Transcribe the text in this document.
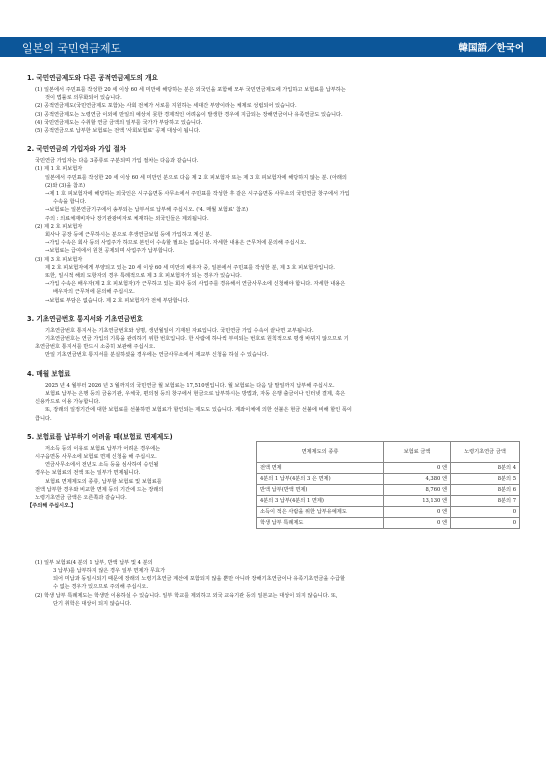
일본의 국민연금제도	韓国語／한국어
1. 국민연금제도와 다른 공적연금제도의 개요
(1) 일본에서 주민표를 작성한 20 세 이상 60 세 미만에 해당하는 분은 외국인을 포함해 모두 국민연금제도에 가입하고 보험료를 납부하는
것이 법률로 의무화되어 있습니다.
(2) 공적연금제도(국민연금제도 포함)는 사회 전체가 서로를 지원하는 세대간 부양이라는 체제로 성립되어 있습니다.
(3) 공적연금제도는 노령연금 이외에 만일의 예상치 못한 경제적인 어려움이 발생한 경우에 지급되는 장해연금이나 유족연금도 있습니다.
(4) 국민연금제도는 수취할 연금 금액의 일부를 국가가 부담하고 있습니다.
(5) 공적연금으로 납부한 보험료는 전액 '사회보험료' 공제 대상이 됩니다.
2. 국민연금의 가입자와 가입 절차
국민연금 가입자는 다음 3종류로 구분되며 가입 절차는 다음과 같습니다.
(1) 제 1 호 피보험자
일본에서 주민표를 작성한 20 세 이상 60 세 미만인 분으로 다음 제 2 호 피보험자 또는 제 3 호 피보험자에 해당하지 않는 분. (아래의
(2)와 (3)을 참조)
→제 1 호 피보험자에 해당하는 외국인은 시구읍면동 사무소에서 주민표를 작성한 후 같은 시구읍면동 사무소의 국민연금 창구에서 가입
수속을 합니다.
→보험료는 일본연금기구에서 송부되는 납부서로 납부해 주십시오. ('4. 매월 보험료' 참조)
주의 : 의료체재비자나 장기관광비자로 체재하는 외국인들은 제외됩니다.
(2) 제 2 호 피보험자
회사나 공장 등에 근무하시는 분으로 후생연금보험 등에 가입하고 계신 분.
→가입 수속은 회사 등의 사업주가 하므로 본인이 수속할 필요는 없습니다. 자세한 내용은 근무처에 문의해 주십시오.
→보험료는 급여에서 원천 공제되며 사업주가 납부합니다.
(3) 제 3 호 피보험자
제 2 호 피보험자에게 부양되고 있는 20 세 이상 60 세 미만의 배우자 중, 일본에서 주민표를 작성한 분, 제 3 호 피보험자입니다.
또한, 일시적 해외 도항자의 경우 특례적으로 제 3 호 피보험자가 되는 경우가 있습니다.
→가입 수속은 배우자(제 2 호 피보험자)가 근무하고 있는 회사 등의 사업주를 경유해서 연금사무소에 신청해야 합니다. 자세한 내용은
배우자의 근무처에 문의해 주십시오.
→보험료 부담은 없습니다. 제 2 호 피보험자가 전체 부담합니다.
3. 기초연금번호 통지서와 기초연금번호
기초연금번호 통지서는 기초연금번호와 성명, 생년월일이 기재된 자료입니다. 국민연금 가입 수속이 끝나면 교부됩니다.
기초연금번호는 연금 가입의 기록을 관리하기 위한 번호입니다. 한 사람에 하나씩 부여되는 번호로 원칙적으로 평생 바뀌지 않으므로 기
초연금번호 통지서를 반드시 소중히 보관해 주십시오.
만일 기초연금번호 통지서를 분실하셨을 경우에는 연금사무소에서 재교부 신청을 하실 수 있습니다.
4. 매월 보험료
2025 년 4 월부터 2026 년 3 월까지의 국민연금 월 보험료는 17,510엔입니다. 월 보험료는 다음 달 말일까지 납부해 주십시오.
보험료 납부는 은행 등의 금융기관, 우체국, 편의점 등의 창구에서 현금으로 납부하시는 방법과, 자동 은행 출금이나 인터넷 결제, 혹은
신용카드로 이용 가능합니다.
또, 장래의 일정기간에 대한 보험료를 선불하면 보험료가 할인되는 제도도 있습니다. 계좌이체에 의한 선불은 현금 선불에 비해 할인 폭이
큽니다.
5. 보험료를 납부하기 어려울 때(보험료 면제제도)
저소득 등의 이유로 보험료 납부가 어려운 경우에는
시구읍면동 사무소에 보험료 면제 신청을 해 주십시오.
연금사무소에서 전년도 소득 등을 심사하여 승인될
경우는 보험료의 전액 또는 일부가 면제됩니다.
보험료 면제제도의 종류, 납부할 보험료 및 보험료를
전액 납부한 경우와 비교한 면제 등의 기간에 드는 장래의
노령기초연금 금액은 오른쪽과 같습니다.
【주의해 주십시오.】
면제제도의 종류	보험료 금액	노령기초연금 금액
전액 면제	0 엔	8분의 4
4분의 1 납부(4분의 3 은 면제)	4,380 엔	8분의 5
반액 납부(반액 면제)	8,760 엔	8분의 6
4분의 3 납부(4분의 1 면제)	13,130 엔	8분의 7
소득이 적은 사람을 위한 납부유예제도	0 엔	0
학생 납부 특례제도	0 엔	0
(1) 일부 보험료(4 분의 1 납부, 반액 납부 및 4 분의
3 납부)를 납부하지 않은 경우 일부 면제가 무효가
되어 미납과 동일시되기 때문에 장래의 노령기초연금 계산에 포함되지 않을 뿐만 아니라 장해기초연금이나 유족기초연금을 수급할
수 없는 경우가 있으므로 주의해 주십시오.
(2) 학생 납부 특례제도는 학생만 이용하실 수 있습니다. 일부 학교를 제외하고 외국 교육기관 등의 일본교는 대상이 되지 않습니다. 또,
단기 취학은 대상이 되지 않습니다.
